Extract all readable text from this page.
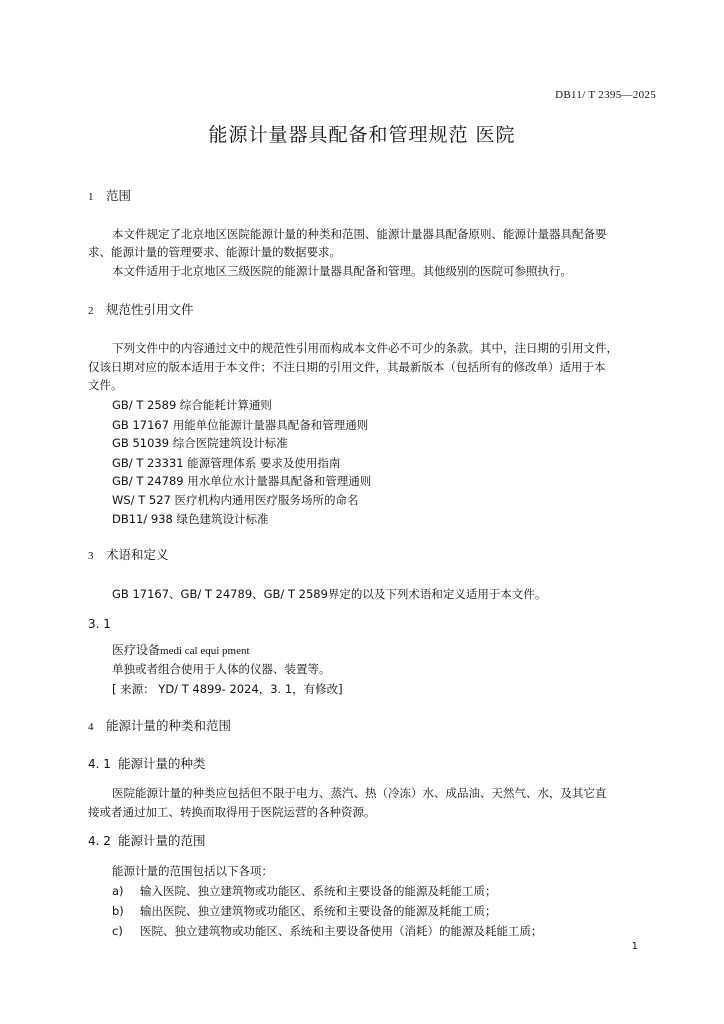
DB11/ T 2395—2025
能源计量器具配备和管理规范 医院
1 范围
本文件规定了北京地区医院能源计量的种类和范围、能源计量器具配备原则、能源计量器具配备要
求、能源计量的管理要求、能源计量的数据要求。
本文件适用于北京地区三级医院的能源计量器具配备和管理。其他级别的医院可参照执行。
2 规范性引用文件
下列文件中的内容通过文中的规范性引用而构成本文件必不可少的条款。其中，注日期的引用文件，
仅该日期对应的版本适用于本文件；不注日期的引用文件，其最新版本（包括所有的修改单）适用于本
文件。
GB/ T 2589 综合能耗计算通则
GB 17167 用能单位能源计量器具配备和管理通则
GB 51039 综合医院建筑设计标准
GB/ T 23331 能源管理体系 要求及使用指南
GB/ T 24789 用水单位水计量器具配备和管理通则
WS/ T 527 医疗机构内通用医疗服务场所的命名
DB11/ 938 绿色建筑设计标准
3 术语和定义
GB 17167、GB/ T 24789、GB/ T 2589界定的以及下列术语和定义适用于本文件。
3. 1
医疗设备medi cal equi pment
单独或者组合使用于人体的仪器、装置等。
[ 来源： YD/ T 4899- 2024，3. 1，有修改]
4 能源计量的种类和范围
4. 1 能源计量的种类
医院能源计量的种类应包括但不限于电力、蒸汽、热（冷冻）水、成品油、天然气、水，及其它直
接或者通过加工、转换而取得用于医院运营的各种资源。
4. 2 能源计量的范围
能源计量的范围包括以下各项：
a) 输入医院、独立建筑物或功能区、系统和主要设备的能源及耗能工质；
b) 输出医院、独立建筑物或功能区、系统和主要设备的能源及耗能工质；
c) 医院、独立建筑物或功能区、系统和主要设备使用（消耗）的能源及耗能工质；
1
